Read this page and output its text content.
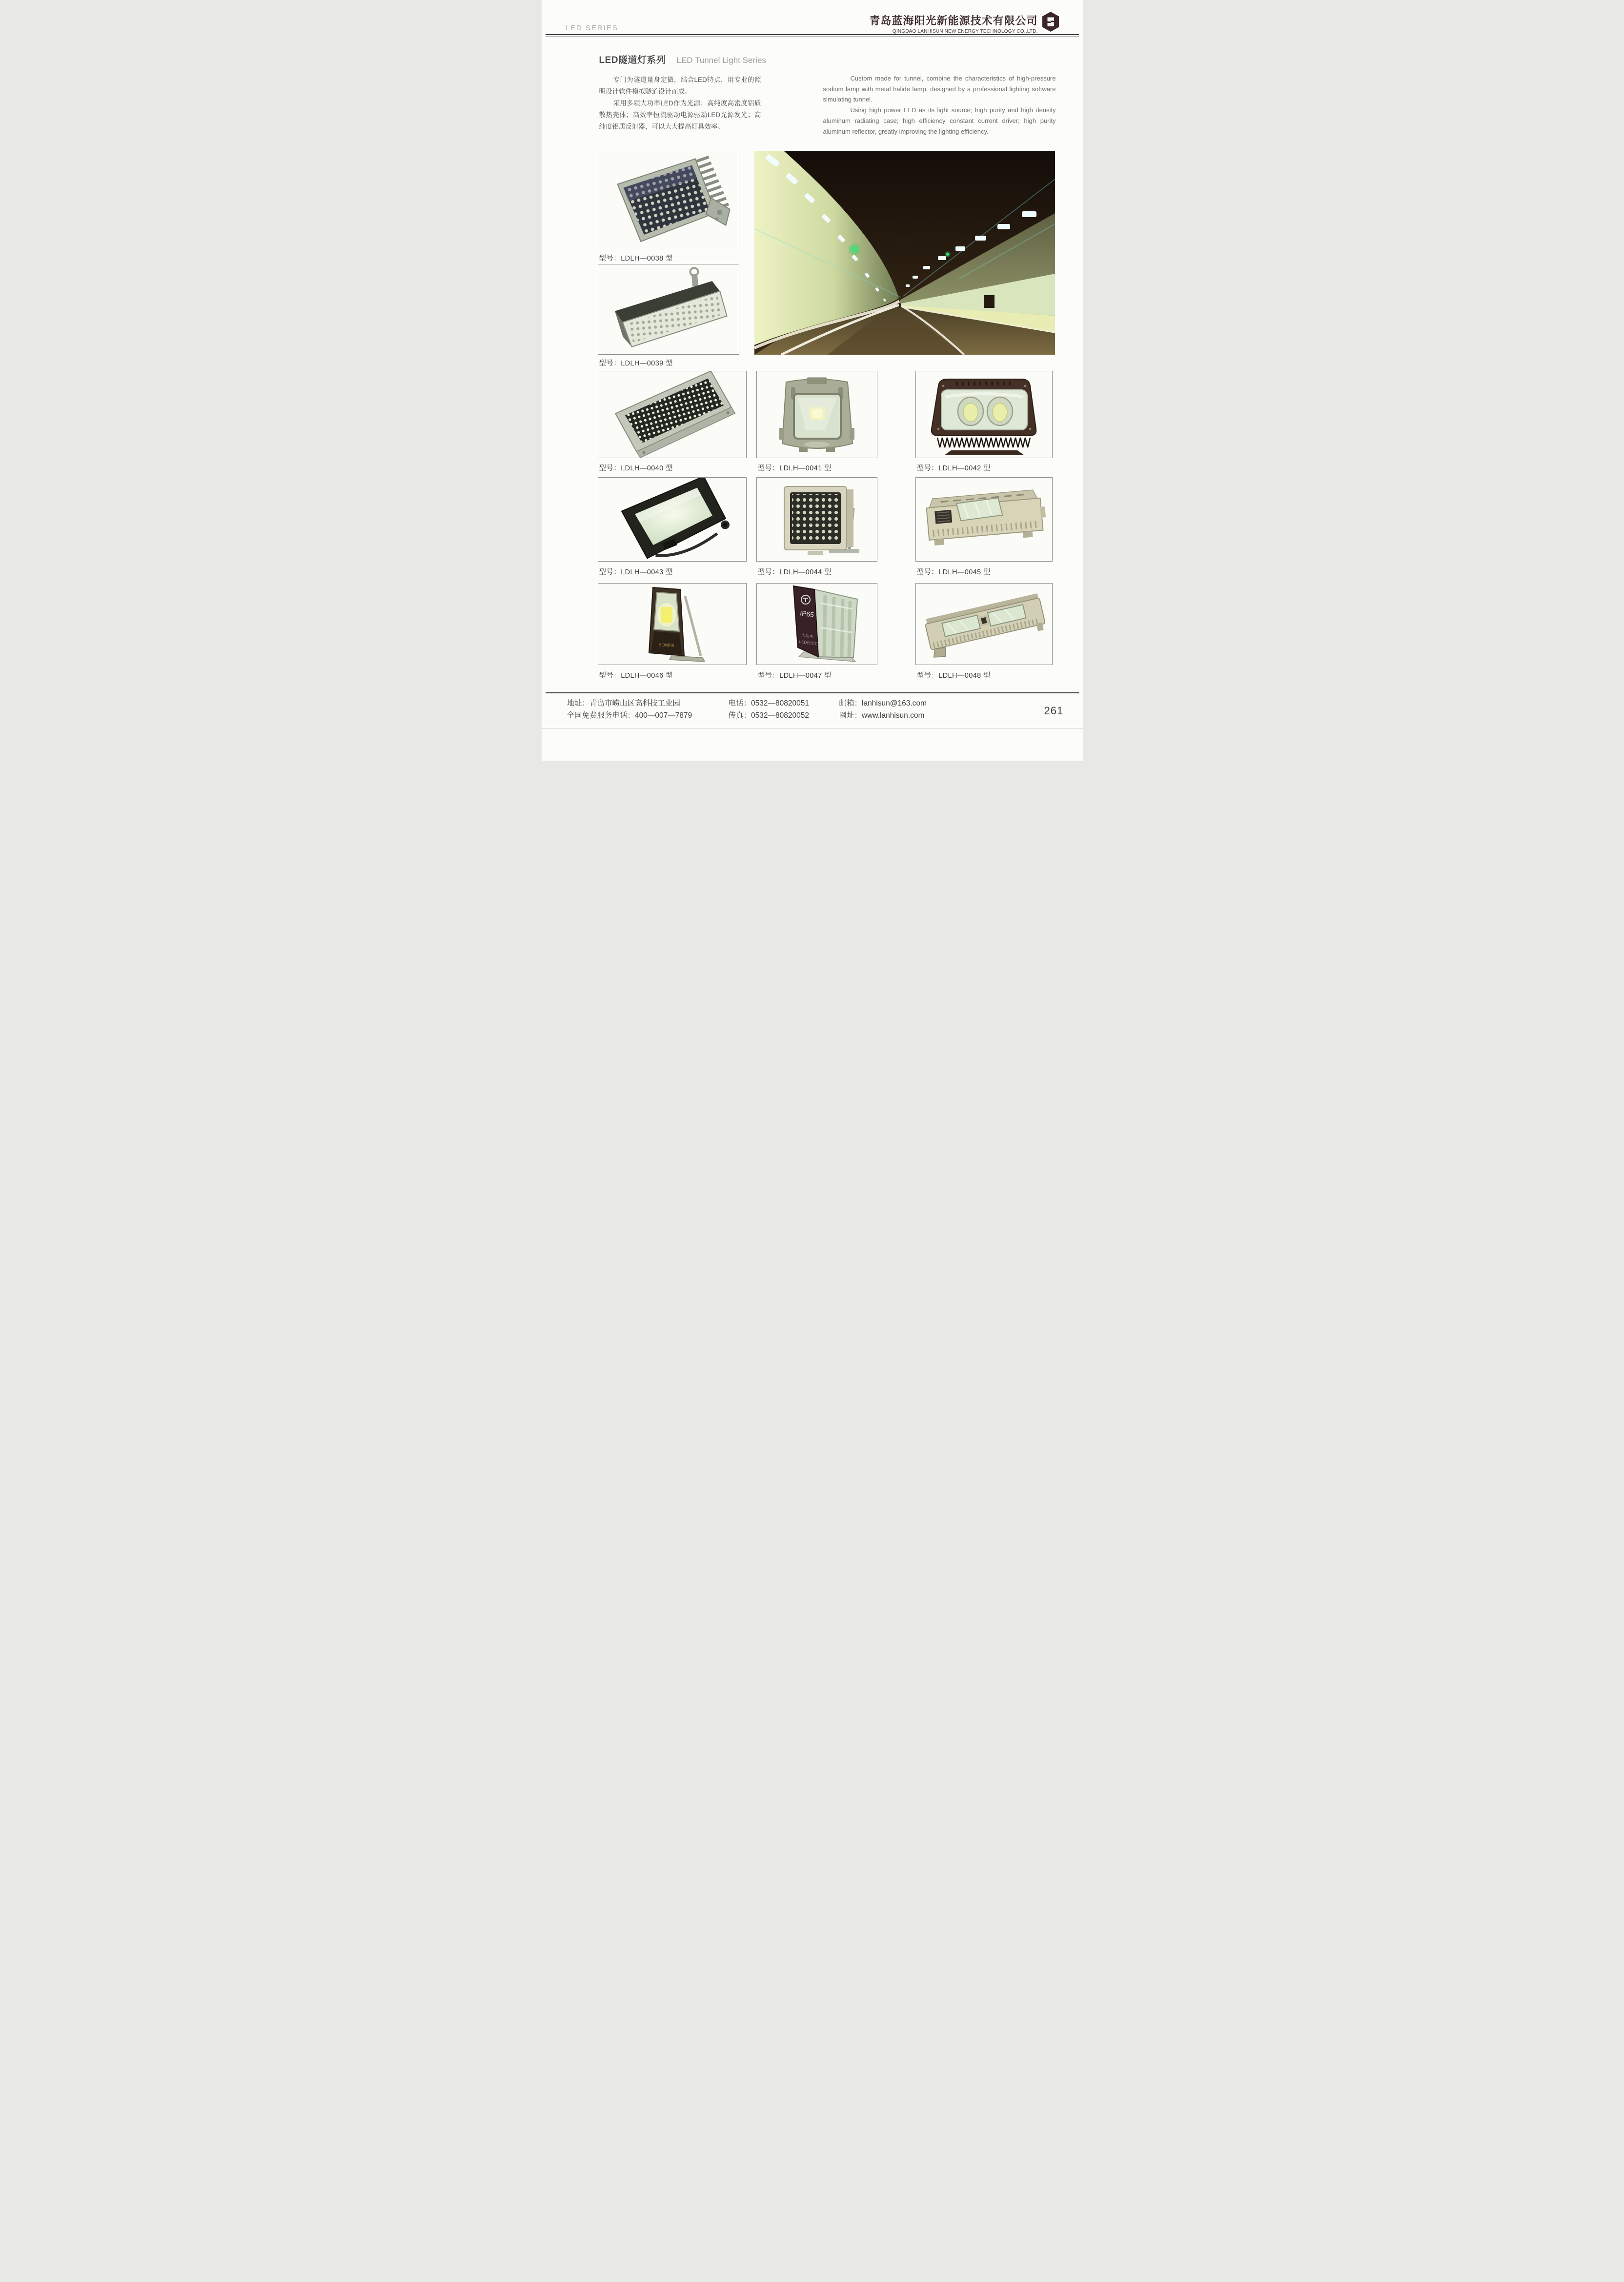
LED SERIES
青岛蓝海阳光新能源技术有限公司
QINGDAO LANHISUN NEW ENERGY TECHNOLOGY CO.,LTD.
LED隧道灯系列 LED Tunnel Light Series

专门为隧道量身定做，结合LED特点，用专业的照明设计软件模拟隧道设计而成。

采用多颗大功率LED作为光源；高纯度高密度铝质散热壳体；高效率恒流驱动电源驱动LED光源发光；高纯度铝质反射器，可以大大提高灯具效率。

Custom made for tunnel, combine the characteristics of high-pressure sodium lamp with metal halide lamp, designed by a professional lighting software simulating tunnel.

Using high power LED as its light source; high purity and high density aluminum radiating case; high efficiency constant current driver; high purity aluminum reflector, greatly improving the lighting efficiency.

型号：LDLH—0038 型
型号：LDLH—0039 型
型号：LDLH—0040 型	型号：LDLH—0041 型	型号：LDLH—0042 型
型号：LDLH—0043 型	型号：LDLH—0044 型	型号：LDLH—0045 型
SONPIS
型号：LDLH—0046 型
IP65
大功率
LED投光灯
型号：LDLH—0047 型	型号：LDLH—0048 型
地址：青岛市崂山区高科技工业园
全国免费服务电话：400—007—7879
电话：0532—80820051
传真：0532—80820052
邮箱：lanhisun@163.com
网址：www.lanhisun.com	261
